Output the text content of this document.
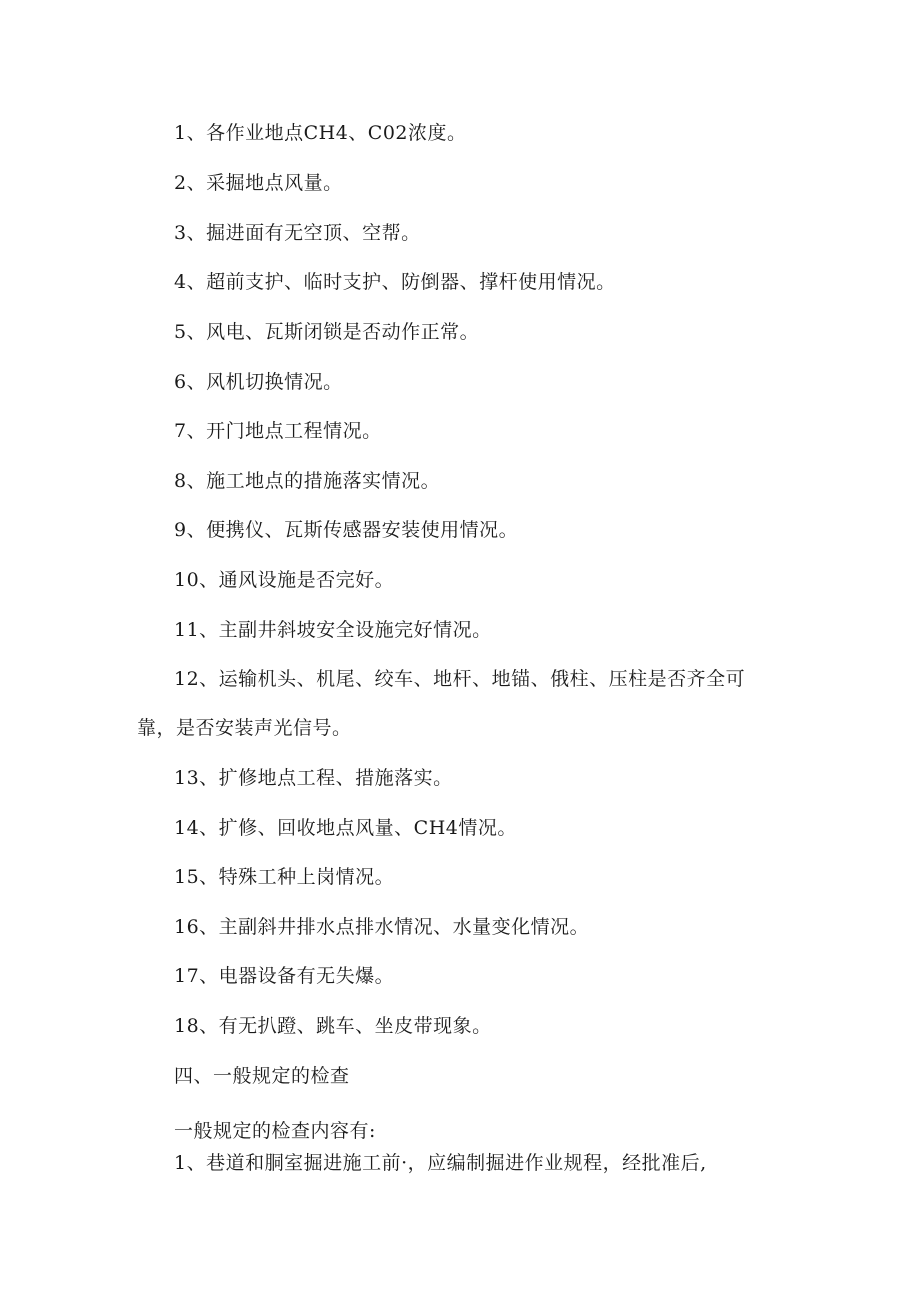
1、各作业地点CH4、C02浓度。
2、采掘地点风量。
3、掘进面有无空顶、空帮。
4、超前支护、临时支护、防倒器、撑杆使用情况。
5、风电、瓦斯闭锁是否动作正常。
6、风机切换情况。
7、开门地点工程情况。
8、施工地点的措施落实情况。
9、便携仪、瓦斯传感器安装使用情况。
10、通风设施是否完好。
11、主副井斜坡安全设施完好情况。
12、运输机头、机尾、绞车、地杆、地锚、俄柱、压柱是否齐全可
靠，是否安装声光信号。
13、扩修地点工程、措施落实。
14、扩修、回收地点风量、CH4情况。
15、特殊工种上岗情况。
16、主副斜井排水点排水情况、水量变化情况。
17、电器设备有无失爆。
18、有无扒蹬、跳车、坐皮带现象。
四、一般规定的检查
一般规定的检查内容有:
1、巷道和胴室掘进施工前·，应编制掘进作业规程，经批准后,
